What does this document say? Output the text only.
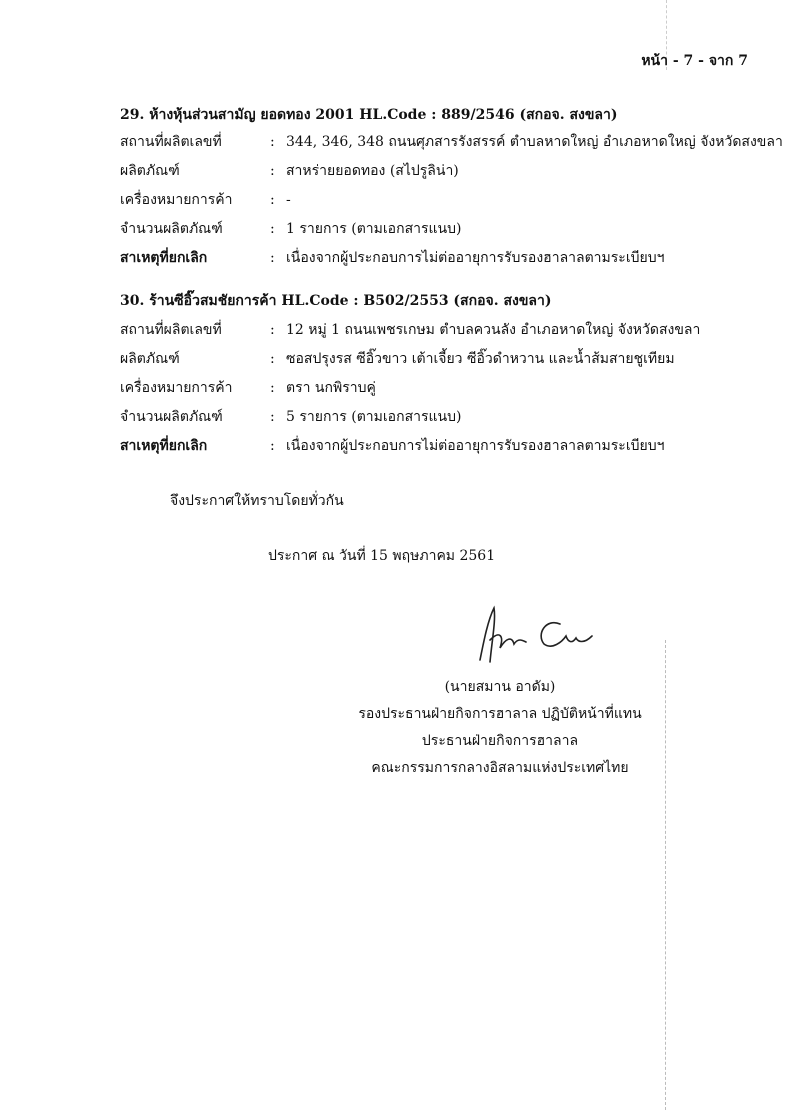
หน้า - 7 - จาก 7
29. ห้างหุ้นส่วนสามัญ ยอดทอง 2001 HL.Code : 889/2546 (สกอจ. สงขลา)
สถานที่ผลิตเลขที่	: 344, 346, 348 ถนนศุภสารรังสรรค์ ตำบลหาดใหญ่ อำเภอหาดใหญ่ จังหวัดสงขลา
ผลิตภัณฑ์	: สาหร่ายยอดทอง (สไปรูลิน่า)
เครื่องหมายการค้า	: -
จำนวนผลิตภัณฑ์	: 1 รายการ (ตามเอกสารแนบ)
สาเหตุที่ยกเลิก	: เนื่องจากผู้ประกอบการไม่ต่ออายุการรับรองฮาลาลตามระเบียบฯ
30. ร้านซีอิ๊วสมชัยการค้า HL.Code : B502/2553 (สกอจ. สงขลา)
สถานที่ผลิตเลขที่	: 12 หมู่ 1 ถนนเพชรเกษม ตำบลควนลัง อำเภอหาดใหญ่ จังหวัดสงขลา
ผลิตภัณฑ์	: ซอสปรุงรส ซีอิ๊วขาว เต้าเจี้ยว ซีอิ๊วดำหวาน และน้ำส้มสายชูเทียม
เครื่องหมายการค้า	: ตรา นกพิราบคู่
จำนวนผลิตภัณฑ์	: 5 รายการ (ตามเอกสารแนบ)
สาเหตุที่ยกเลิก	: เนื่องจากผู้ประกอบการไม่ต่ออายุการรับรองฮาลาลตามระเบียบฯ
จึงประกาศให้ทราบโดยทั่วกัน
ประกาศ ณ วันที่ 15 พฤษภาคม 2561
(นายสมาน อาดัม)
รองประธานฝ่ายกิจการฮาลาล ปฏิบัติหน้าที่แทน
ประธานฝ่ายกิจการฮาลาล
คณะกรรมการกลางอิสลามแห่งประเทศไทย
